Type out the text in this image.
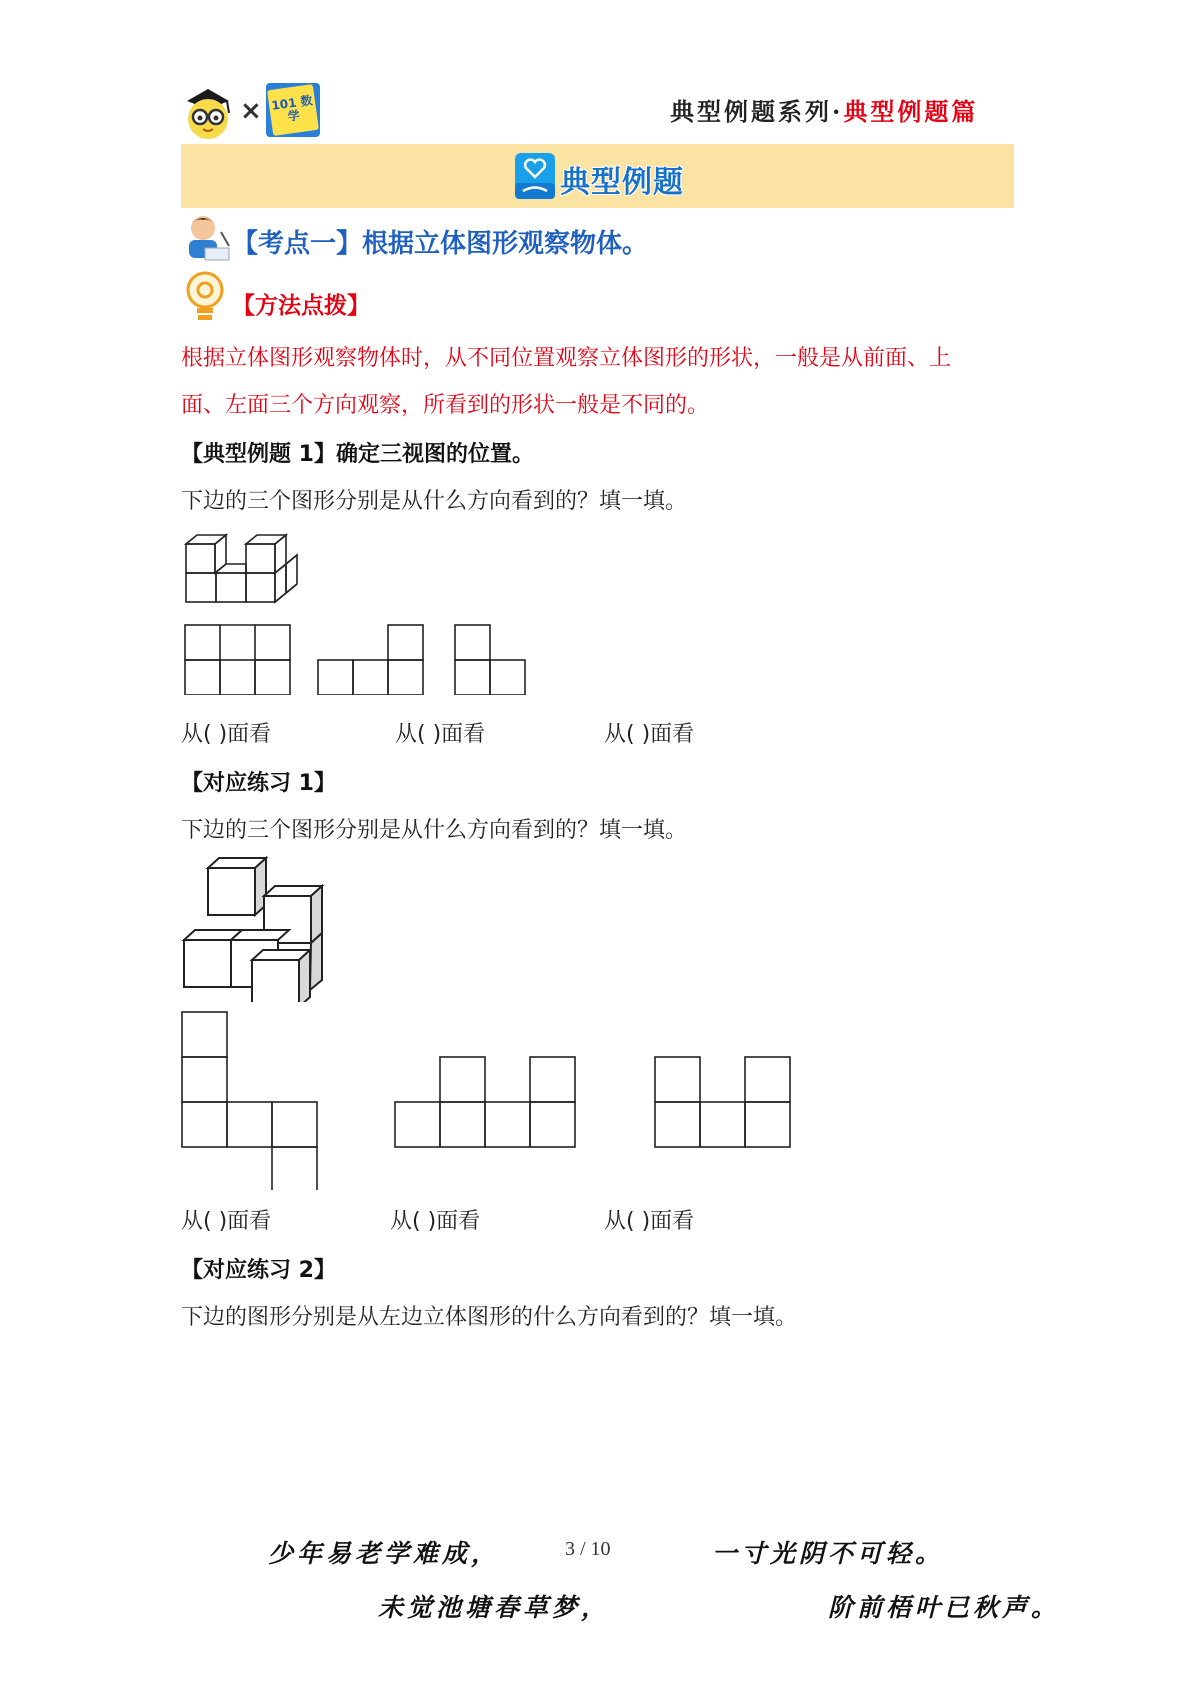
× 101 数学	典型例题系列·典型例题篇
典型例题
【考点一】根据立体图形观察物体。
【方法点拨】
根据立体图形观察物体时，从不同位置观察立体图形的形状，一般是从前面、上
面、左面三个方向观察，所看到的形状一般是不同的。
【典型例题 1】确定三视图的位置。
下边的三个图形分别是从什么方向看到的？填一填。
从( )面看	从( )面看	从( )面看
【对应练习 1】
下边的三个图形分别是从什么方向看到的？填一填。
从( )面看	从( )面看	从( )面看
【对应练习 2】
下边的图形分别是从左边立体图形的什么方向看到的？填一填。
少年易老学难成，	3 / 10	一寸光阴不可轻。
未觉池塘春草梦，	阶前梧叶已秋声。
